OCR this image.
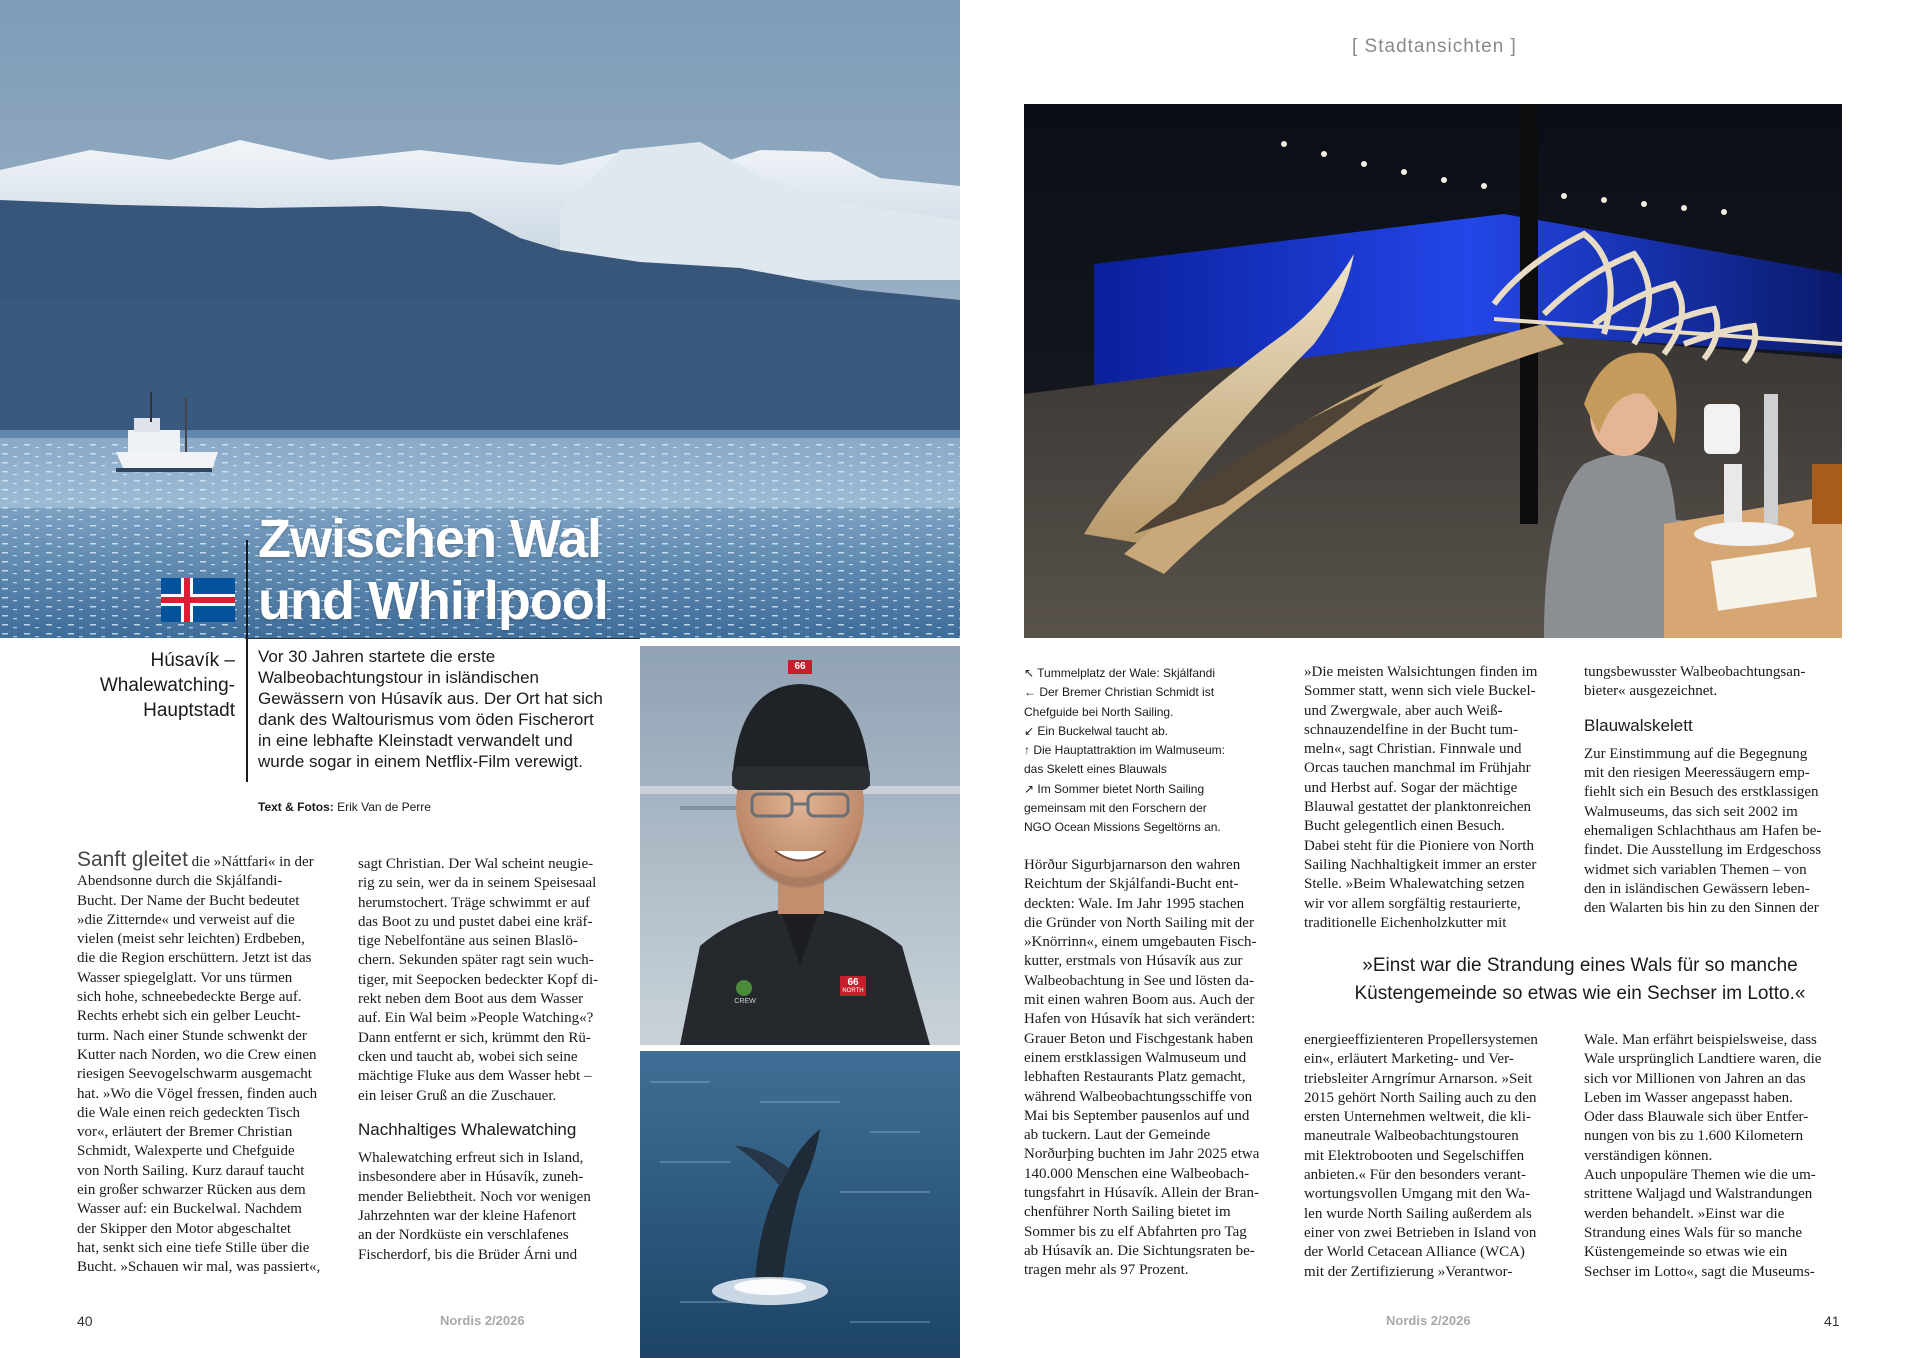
Zwischen Wal
und Whirlpool
Húsavík –
Whalewatching-
Hauptstadt
Vor 30 Jahren startete die erste
Walbeobachtungstour in isländischen
Gewässern von Húsavík aus. Der Ort hat sich
dank des Waltourismus vom öden Fischerort
in eine lebhafte Kleinstadt verwandelt und
wurde sogar in einem Netflix-Film verewigt.
Text & Fotos: Erik Van de Perre

Sanft gleitet die »Náttfari« in der

Abendsonne durch die Skjálfandi-

Bucht. Der Name der Bucht bedeutet

»die Zitternde« und verweist auf die

vielen (meist sehr leichten) Erdbeben,

die die Region erschüttern. Jetzt ist das

Wasser spiegelglatt. Vor uns türmen

sich hohe, schneebedeckte Berge auf.

Rechts erhebt sich ein gelber Leucht-

turm. Nach einer Stunde schwenkt der

Kutter nach Norden, wo die Crew einen

riesigen Seevogelschwarm ausgemacht

hat. »Wo die Vögel fressen, finden auch

die Wale einen reich gedeckten Tisch

vor«, erläutert der Bremer Christian

Schmidt, Walexperte und Chefguide

von North Sailing. Kurz darauf taucht

ein großer schwarzer Rücken aus dem

Wasser auf: ein Buckelwal. Nachdem

der Skipper den Motor abgeschaltet

hat, senkt sich eine tiefe Stille über die

Bucht. »Schauen wir mal, was passiert«,

sagt Christian. Der Wal scheint neugie-

rig zu sein, wer da in seinem Speisesaal

herumstochert. Träge schwimmt er auf

das Boot zu und pustet dabei eine kräf-

tige Nebelfontäne aus seinen Blaslö-

chern. Sekunden später ragt sein wuch-

tiger, mit Seepocken bedeckter Kopf di-

rekt neben dem Boot aus dem Wasser

auf. Ein Wal beim »People Watching«?

Dann entfernt er sich, krümmt den Rü-

cken und taucht ab, wobei sich seine

mächtige Fluke aus dem Wasser hebt –

ein leiser Gruß an die Zuschauer.

Nachhaltiges Whalewatching

Whalewatching erfreut sich in Island,

insbesondere aber in Húsavík, zuneh-

mender Beliebtheit. Noch vor wenigen

Jahrzehnten war der kleine Hafenort

an der Nordküste ein verschlafenes

Fischerdorf, bis die Brüder Árni und

66
66
NORTH
CREW
40	Nordis 2/2026
[ Stadtansichten ]
↖ Tummelplatz der Wale: Skjálfandi
← Der Bremer Christian Schmidt ist
Chefguide bei North Sailing.
↙ Ein Buckelwal taucht ab.
↑ Die Hauptattraktion im Walmuseum:
das Skelett eines Blauwals
↗ Im Sommer bietet North Sailing
gemeinsam mit den Forschern der
NGO Ocean Missions Segeltörns an.

Hörður Sigurbjarnarson den wahren

Reichtum der Skjálfandi-Bucht ent-

deckten: Wale. Im Jahr 1995 stachen

die Gründer von North Sailing mit der

»Knörrinn«, einem umgebauten Fisch-

kutter, erstmals von Húsavík aus zur

Walbeobachtung in See und lösten da-

mit einen wahren Boom aus. Auch der

Hafen von Húsavík hat sich verändert:

Grauer Beton und Fischgestank haben

einem erstklassigen Walmuseum und

lebhaften Restaurants Platz gemacht,

während Walbeobachtungsschiffe von

Mai bis September pausenlos auf und

ab tuckern. Laut der Gemeinde

Norðurþing buchten im Jahr 2025 etwa

140.000 Menschen eine Walbeobach-

tungsfahrt in Húsavík. Allein der Bran-

chenführer North Sailing bietet im

Sommer bis zu elf Abfahrten pro Tag

ab Húsavík an. Die Sichtungsraten be-

tragen mehr als 97 Prozent.

»Die meisten Walsichtungen finden im

Sommer statt, wenn sich viele Buckel-

und Zwergwale, aber auch Weiß-

schnauzendelfine in der Bucht tum-

meln«, sagt Christian. Finnwale und

Orcas tauchen manchmal im Frühjahr

und Herbst auf. Sogar der mächtige

Blauwal gestattet der planktonreichen

Bucht gelegentlich einen Besuch.

Dabei steht für die Pioniere von North

Sailing Nachhaltigkeit immer an erster

Stelle. »Beim Whalewatching setzen

wir vor allem sorgfältig restaurierte,

traditionelle Eichenholzkutter mit

tungsbewusster Walbeobachtungsan-

bieter« ausgezeichnet.

Blauwalskelett

Zur Einstimmung auf die Begegnung

mit den riesigen Meeressäugern emp-

fiehlt sich ein Besuch des erstklassigen

Walmuseums, das sich seit 2002 im

ehemaligen Schlachthaus am Hafen be-

findet. Die Ausstellung im Erdgeschoss

widmet sich variablen Themen – von

den in isländischen Gewässern leben-

den Walarten bis hin zu den Sinnen der

»Einst war die Strandung eines Wals für so manche
Küstengemeinde so etwas wie ein Sechser im Lotto.«

energieeffizienteren Propellersystemen

ein«, erläutert Marketing- und Ver-

triebsleiter Arngrímur Arnarson. »Seit

2015 gehört North Sailing auch zu den

ersten Unternehmen weltweit, die kli-

maneutrale Walbeobachtungstouren

mit Elektrobooten und Segelschiffen

anbieten.« Für den besonders verant-

wortungsvollen Umgang mit den Wa-

len wurde North Sailing außerdem als

einer von zwei Betrieben in Island von

der World Cetacean Alliance (WCA)

mit der Zertifizierung »Verantwor-

Wale. Man erfährt beispielsweise, dass

Wale ursprünglich Landtiere waren, die

sich vor Millionen von Jahren an das

Leben im Wasser angepasst haben.

Oder dass Blauwale sich über Entfer-

nungen von bis zu 1.600 Kilometern

verständigen können.

Auch unpopuläre Themen wie die um-

strittene Waljagd und Walstrandungen

werden behandelt. »Einst war die

Strandung eines Wals für so manche

Küstengemeinde so etwas wie ein

Sechser im Lotto«, sagt die Museums-

Nordis 2/2026	41
